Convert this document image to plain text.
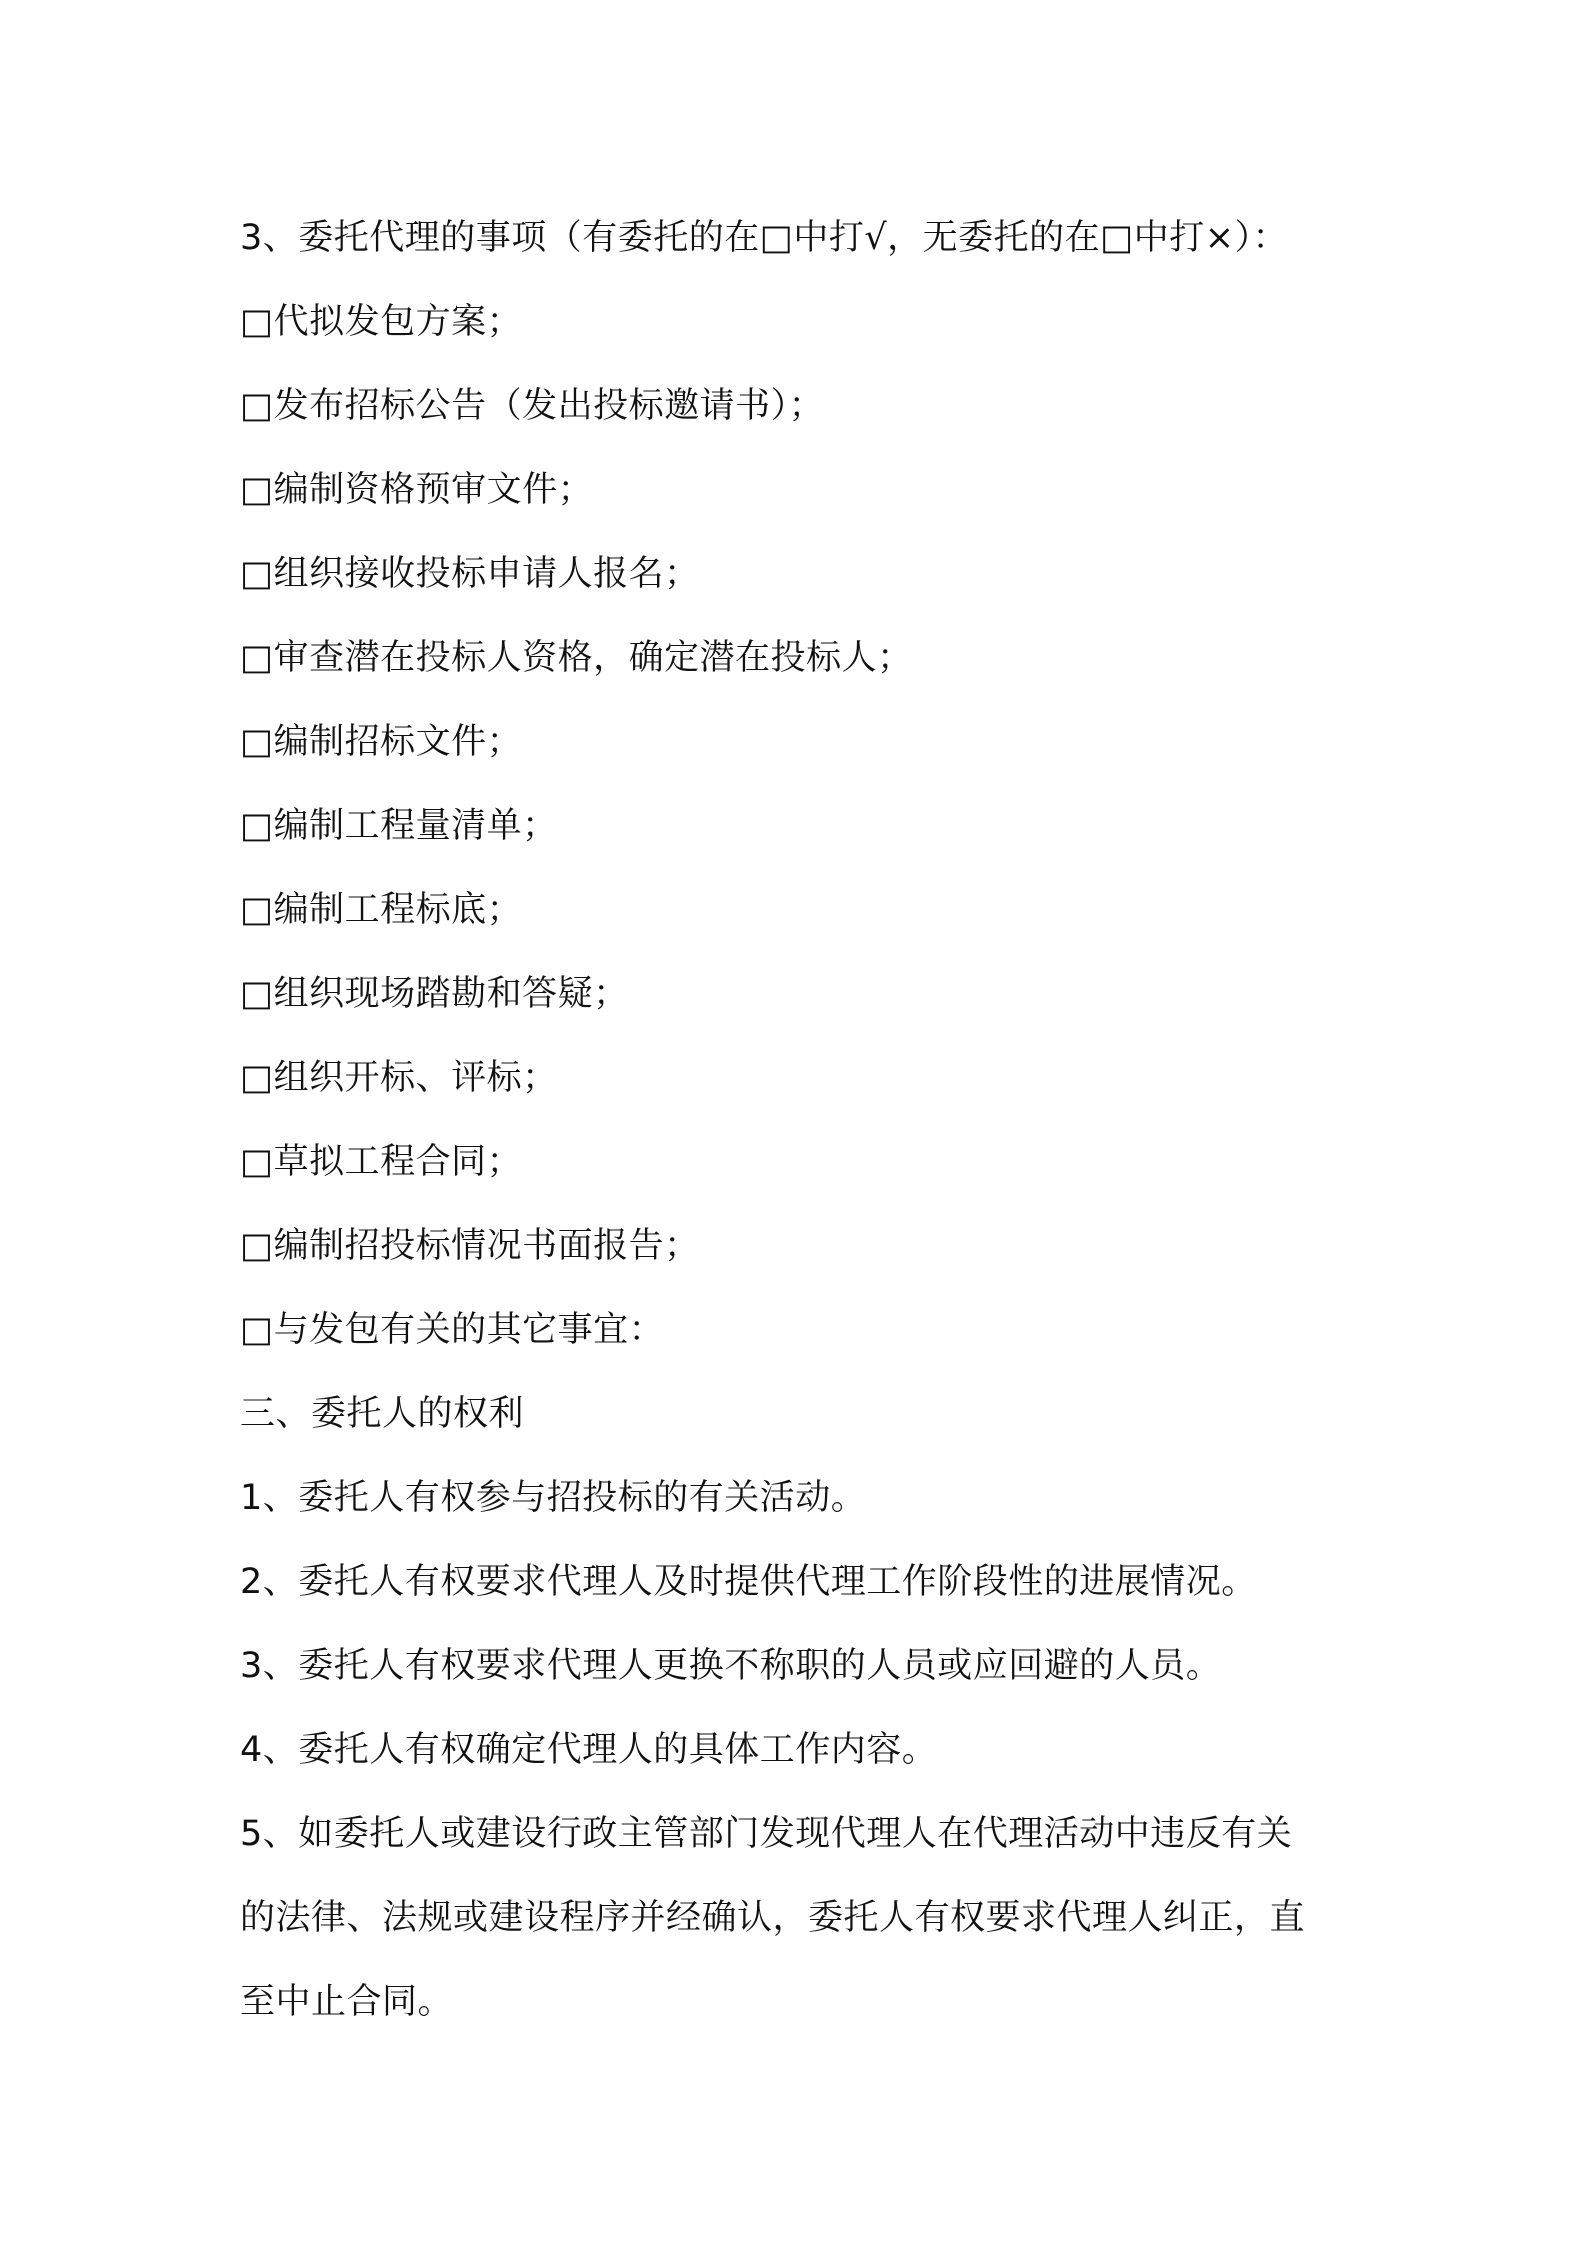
3、委托代理的事项（有委托的在□中打√，无委托的在□中打×）：
□代拟发包方案；
□发布招标公告（发出投标邀请书）；
□编制资格预审文件；
□组织接收投标申请人报名；
□审查潜在投标人资格，确定潜在投标人；
□编制招标文件；
□编制工程量清单；
□编制工程标底；
□组织现场踏勘和答疑；
□组织开标、评标；
□草拟工程合同；
□编制招投标情况书面报告；
□与发包有关的其它事宜：
三、委托人的权利
1、委托人有权参与招投标的有关活动。
2、委托人有权要求代理人及时提供代理工作阶段性的进展情况。
3、委托人有权要求代理人更换不称职的人员或应回避的人员。
4、委托人有权确定代理人的具体工作内容。
5、如委托人或建设行政主管部门发现代理人在代理活动中违反有关
的法律、法规或建设程序并经确认，委托人有权要求代理人纠正，直
至中止合同。
